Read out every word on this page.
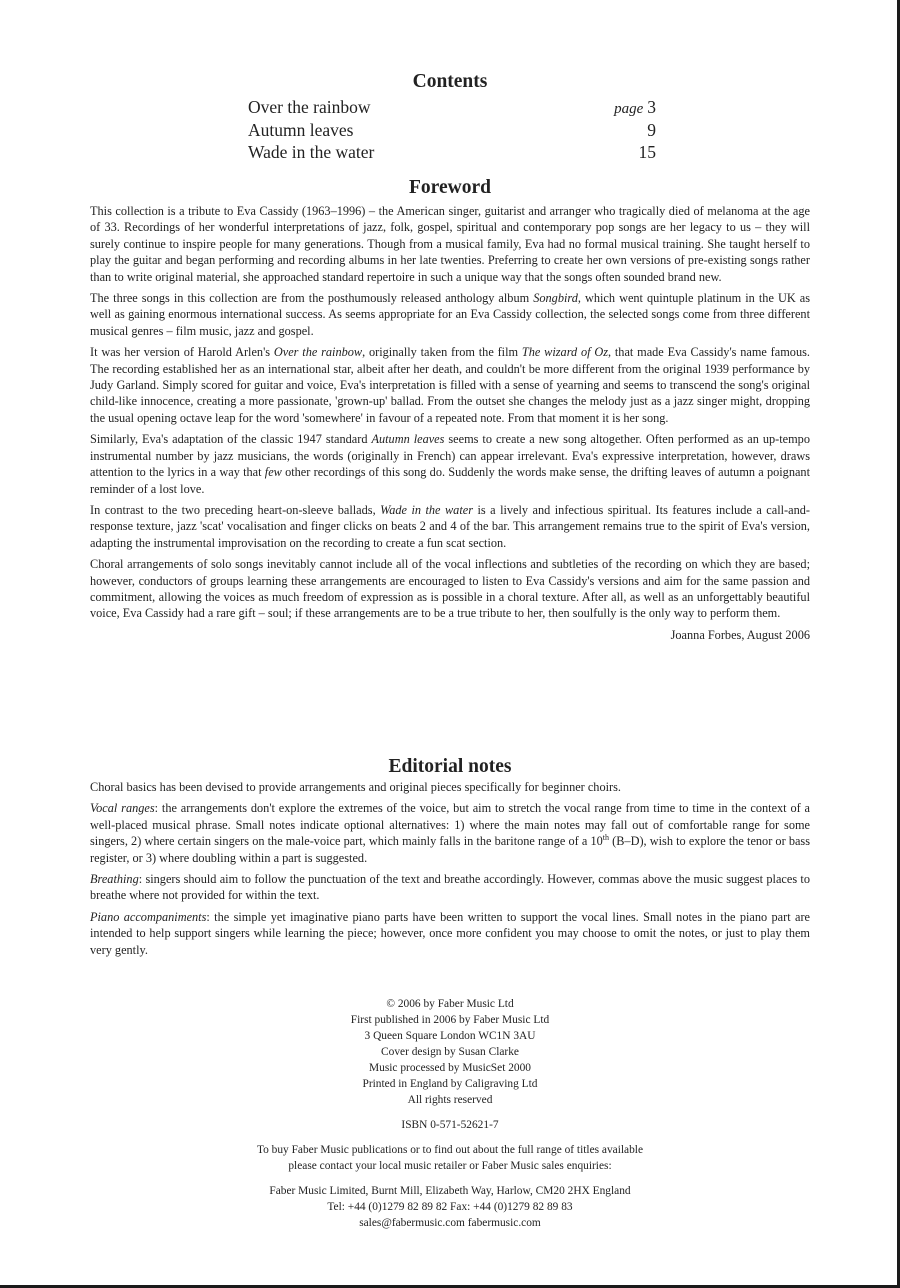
Contents
Over the rainbow	page 3
Autumn leaves	9
Wade in the water	15
Foreword

This collection is a tribute to Eva Cassidy (1963–1996) – the American singer, guitarist and arranger who tragically died of melanoma at the age of 33. Recordings of her wonderful interpretations of jazz, folk, gospel, spiritual and contemporary pop songs are her legacy to us – they will surely continue to inspire people for many generations. Though from a musical family, Eva had no formal musical training. She taught herself to play the guitar and began performing and recording albums in her late twenties. Preferring to create her own versions of pre-existing songs rather than to write original material, she approached standard repertoire in such a unique way that the songs often sounded brand new.

The three songs in this collection are from the posthumously released anthology album Songbird, which went quintuple platinum in the UK as well as gaining enormous international success. As seems appropriate for an Eva Cassidy collection, the selected songs come from three different musical genres – film music, jazz and gospel.

It was her version of Harold Arlen's Over the rainbow, originally taken from the film The wizard of Oz, that made Eva Cassidy's name famous. The recording established her as an international star, albeit after her death, and couldn't be more different from the original 1939 performance by Judy Garland. Simply scored for guitar and voice, Eva's interpretation is filled with a sense of yearning and seems to transcend the song's original child-like innocence, creating a more passionate, 'grown-up' ballad. From the outset she changes the melody just as a jazz singer might, dropping the usual opening octave leap for the word 'somewhere' in favour of a repeated note. From that moment it is her song.

Similarly, Eva's adaptation of the classic 1947 standard Autumn leaves seems to create a new song altogether. Often performed as an up-tempo instrumental number by jazz musicians, the words (originally in French) can appear irrelevant. Eva's expressive interpretation, however, draws attention to the lyrics in a way that few other recordings of this song do. Suddenly the words make sense, the drifting leaves of autumn a poignant reminder of a lost love.

In contrast to the two preceding heart-on-sleeve ballads, Wade in the water is a lively and infectious spiritual. Its features include a call-and-response texture, jazz 'scat' vocalisation and finger clicks on beats 2 and 4 of the bar. This arrangement remains true to the spirit of Eva's version, adapting the instrumental improvisation on the recording to create a fun scat section.

Choral arrangements of solo songs inevitably cannot include all of the vocal inflections and subtleties of the recording on which they are based; however, conductors of groups learning these arrangements are encouraged to listen to Eva Cassidy's versions and aim for the same passion and commitment, allowing the voices as much freedom of expression as is possible in a choral texture. After all, as well as an unforgettably beautiful voice, Eva Cassidy had a rare gift – soul; if these arrangements are to be a true tribute to her, then soulfully is the only way to perform them.

Joanna Forbes, August 2006

Editorial notes

Choral basics has been devised to provide arrangements and original pieces specifically for beginner choirs.

Vocal ranges: the arrangements don't explore the extremes of the voice, but aim to stretch the vocal range from time to time in the context of a well-placed musical phrase. Small notes indicate optional alternatives: 1) where the main notes may fall out of comfortable range for some singers, 2) where certain singers on the male-voice part, which mainly falls in the baritone range of a 10th (B–D), wish to explore the tenor or bass register, or 3) where doubling within a part is suggested.

Breathing: singers should aim to follow the punctuation of the text and breathe accordingly. However, commas above the music suggest places to breathe where not provided for within the text.

Piano accompaniments: the simple yet imaginative piano parts have been written to support the vocal lines. Small notes in the piano part are intended to help support singers while learning the piece; however, once more confident you may choose to omit the notes, or just to play them very gently.

© 2006 by Faber Music Ltd
First published in 2006 by Faber Music Ltd
3 Queen Square London WC1N 3AU
Cover design by Susan Clarke
Music processed by MusicSet 2000
Printed in England by Caligraving Ltd
All rights reserved
ISBN 0-571-52621-7
To buy Faber Music publications or to find out about the full range of titles available
please contact your local music retailer or Faber Music sales enquiries:
Faber Music Limited, Burnt Mill, Elizabeth Way, Harlow, CM20 2HX England
Tel: +44 (0)1279 82 89 82 Fax: +44 (0)1279 82 89 83
sales@fabermusic.com fabermusic.com
